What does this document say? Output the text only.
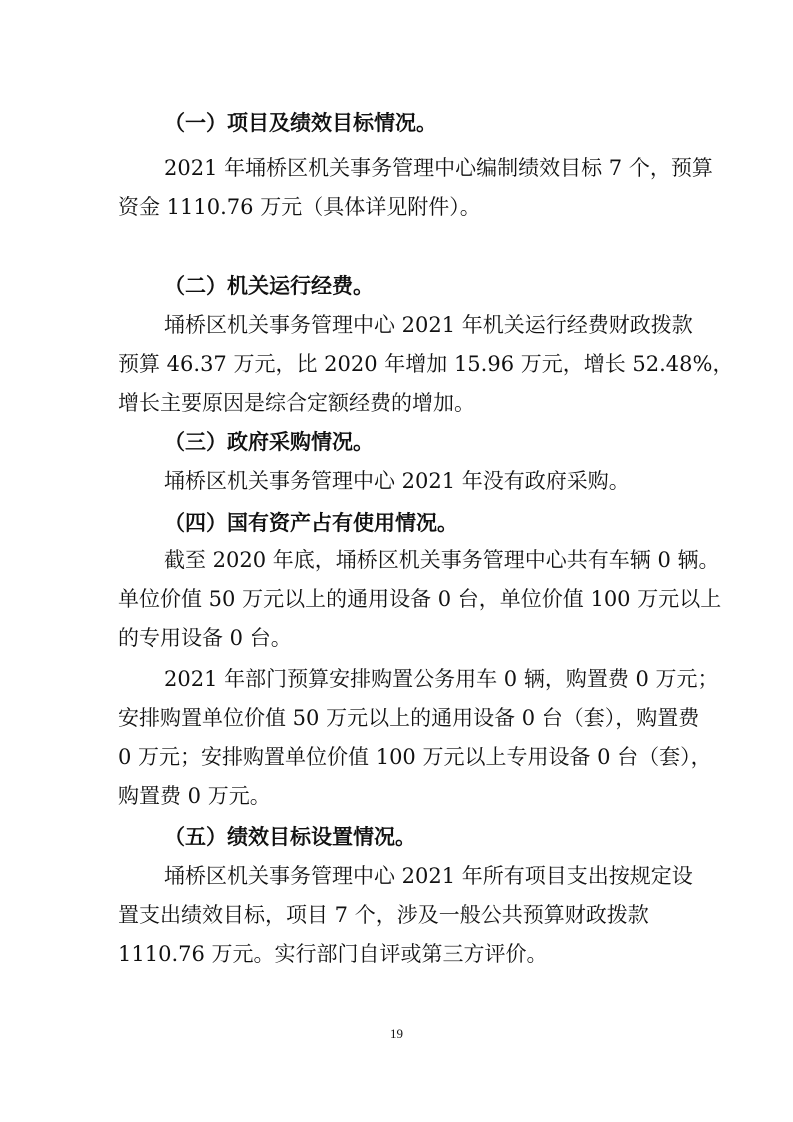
（一）项目及绩效目标情况。
2021 年埇桥区机关事务管理中心编制绩效目标 7 个，预算
资金 1110.76 万元（具体详见附件）。
（二）机关运行经费。
埇桥区机关事务管理中心 2021 年机关运行经费财政拨款
预算 46.37 万元，比 2020 年增加 15.96 万元，增长 52.48%，
增长主要原因是综合定额经费的增加。
（三）政府采购情况。
埇桥区机关事务管理中心 2021 年没有政府采购。
（四）国有资产占有使用情况。
截至 2020 年底，埇桥区机关事务管理中心共有车辆 0 辆。
单位价值 50 万元以上的通用设备 0 台，单位价值 100 万元以上
的专用设备 0 台。
2021 年部门预算安排购置公务用车 0 辆，购置费 0 万元；
安排购置单位价值 50 万元以上的通用设备 0 台（套），购置费
0 万元；安排购置单位价值 100 万元以上专用设备 0 台（套），
购置费 0 万元。
（五）绩效目标设置情况。
埇桥区机关事务管理中心 2021 年所有项目支出按规定设
置支出绩效目标，项目 7 个，涉及一般公共预算财政拨款
1110.76 万元。实行部门自评或第三方评价。
19
